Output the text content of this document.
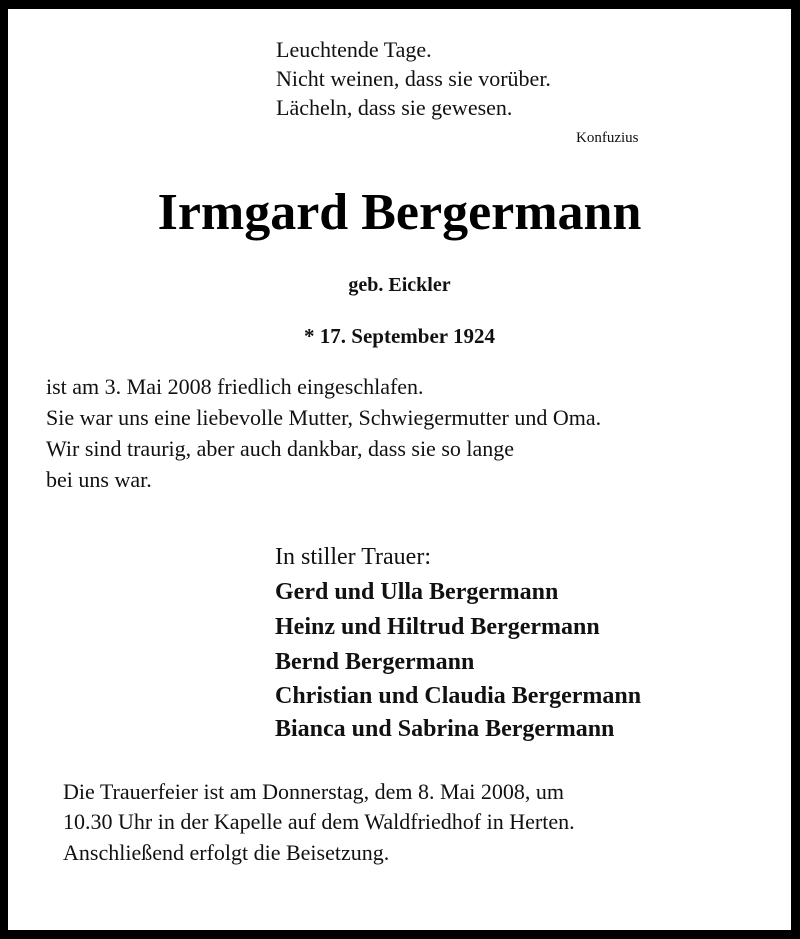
Leuchtende Tage.
Nicht weinen, dass sie vorüber.
Lächeln, dass sie gewesen.
Konfuzius
Irmgard Bergermann
geb. Eickler
* 17. September 1924
ist am 3. Mai 2008 friedlich eingeschlafen.
Sie war uns eine liebevolle Mutter, Schwiegermutter und Oma.
Wir sind traurig, aber auch dankbar, dass sie so lange
bei uns war.
In stiller Trauer:
Gerd und Ulla Bergermann
Heinz und Hiltrud Bergermann
Bernd Bergermann
Christian und Claudia Bergermann
Bianca und Sabrina Bergermann
Die Trauerfeier ist am Donnerstag, dem 8. Mai 2008, um
10.30 Uhr in der Kapelle auf dem Waldfriedhof in Herten.
Anschließend erfolgt die Beisetzung.
